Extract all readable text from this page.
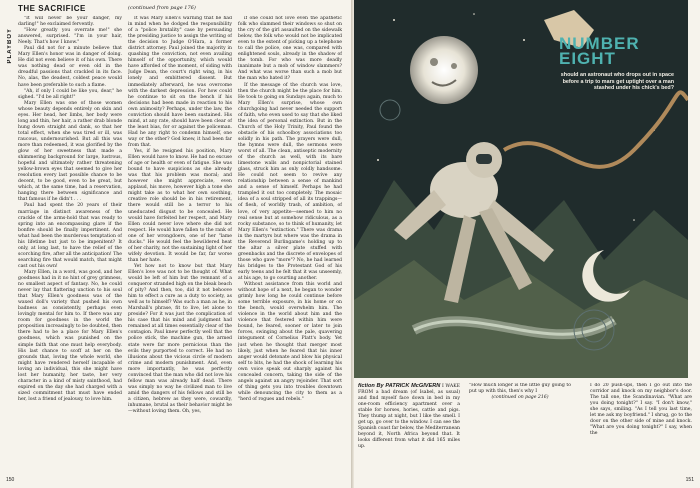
PLAYBOY
THE SACRIFICE	(continued from page 176)

"It will never be your danger, my darling!" he exclaimed fervently.

"How greatly you overrate me!" she answered, surprised. "I'm in your hair, Neely. That's how I know."

Paul did not for a minute believe that Mary Ellen's honor was in danger of doing. He did not even believe it of his own. There was nothing dead or even old in the dreadful passions that crackled in its face. No, alas, the deadest, coldest peace would have been preferable to such a flame.

"Ah, if only I could be like you, dear," he sighed. "I'd be all right!"

Mary Ellen was one of those women whose beauty depends entirely on skin and eyes. Her head, her limbs, her body were long and thin, her hair, a rather drab blonde hung down straight and dank, so that her total effect, when she was tired or ill, was raucous, undernourished. But all this was more than redeemed, it was glorified by the glow of her sweetness that made a shimmering background for large, lustrous, hopeful and ultimately rather threatening yellow-brown eyes that seemed to give her resolution every last possible chance to be decent, to be good, even to be great, but which, at the same time, had a reservation, hanging there between significance and that famous if he didn't . . .

Paul had spent the 20 years of their marriage in distinct awareness of the crackle of the arms-hold that was ready to spring into an encompassing glare if the bonfire should be finally impertinent. And what had been the murderous temptation of his lifetime but just to be impenitent? It only, at long last, to have the relief of the scorching fire, after all the anticipation! The searching fire that would match, that might cast out his own!

Mary Ellen, in a word, was good, and her goodness had in it no hint of grey grimness, no smallest aspect of fantasy. No, he could never lay that flattering unction to his soul that Mary Ellen's goodness was of the waxed doll's variety that pushed his own badness as consistently, perhaps even lovingly mental for him to. If there was any room for goodness in the world the proposition increasingly to be doubted, then there had to be a place for Mary Ellen's goodness, which was punished on the simple faith that one must help everybody. His last chance to scoff at her on the grounds that, loving the whole world, she might have rendered herself incapable of loving an individual, this she might have lost her humanity, her taste, her very character in a kind of misty sainthood, had expired on the day she had charged with a sized commitment that must have ended her, lost a friend of jealousy, to love him.

It was Mary Ellen's warning that he had in mind when he dodged the responsibility of a "police brutality" case by persuading the presiding justice to assign the writing of the decision to Judge O'Hara, a former district attorney. Paul joined the majority in quashing the conviction, not even availing himself of the opportunity, which would have afforded of the moment, of siding with Judge Dean, the court's right wing, in his lonely and embittered dissent. But immediately afterward, he was overcome with the darkest depression. For how could he continue to sit on the bench if his decisions had been made in reaction to his own animosity? Perhaps, under the law, the conviction should have been sustained. His mind, at any rate, should have been clear of the least bias, for or against the policeman. Had he any right to condemn himself, one way or the other? God knew, it had been far from that.

Yes, if he resigned his position, Mary Ellen would have to know. He had no excuse of age or health or even of fatigue. She was bound to have suspicions as she already was that his problem was moral; and however she might appreciate, even applaud, his move, however high a tone she might take as to what her own soothing, creative role should be in his retirement, there would still be a terror to his uneducated disgust to be concealed. He would have forfeited her respect, and Mary Ellen could never love where she did not respect. He would have fallen to the rank of one of her wrongdoers, one of her "lame ducks." He would feel the bewildered heat of her charity, not the sustaining light of her wifely devotion. It would be far, far worse than her hate.

Yet how not to know but that Mary Ellen's love was not to be thought of. What would be left of him but the remnant of a conqueror stranded high on the bleak beach of pity? And then, too, did it not behoove him to effect a cure as a duty to society, as well as to himself? Was such a man as he, in Marshall's phrase, fit to live, let alone to preside? For it was just the complication of his case that his mind and judgment had remained at all times essentially clear of the contagion. Paul knew perfectly well that the police stick, the machine gun, the armed state were far more pernicious than the evils they purported to correct. He had no illusions about the vicious circle of modern crime and modern punishment. And, even more importantly, he was perfectly convinced that the man who did not love his fellow man was already half dead. There was simply no way he civilized man to live amid the dangers of his fellows and still be a citizen, hebrew as they were, cowardly, inhumane, brutal as their behavior might be—without loving them. Oh, yes,

if one could not love even the apathetic folk who slammed their windows so shut on the cry of the girl assaulted on the sidewalk below, the folk who would not be implicated even to the extent of picking up a telephone to call the police, one was, compared with enlightened souls, already in the shadow of the tomb. For who was more deadly inanimate but a mob of window slammers? And what was worse than such a mob but the man who hated it?

If the message of the church was love, then the church might be the place for him. He took to going on Sundays again, much to Mary Ellen's surprise, whose own churchgoing had never needed the support of faith, who even used to say that she liked the idea of personal extinction. But in the Church of the Holy Trinity, Paul found the obstacle of his schoolboy associations too solidly in his path. The prayers were dull, the hymns were dull, the sermons were worst of all. The clean, antiseptic modernity of the church as well, with its bare limestone walls and nonpictorial stained glass, struck him as only coldly handsome. He could not seem to revive any relationship between a sense of mankind and a sense of himself. Perhaps he had trampled it out too completely. The mosaic idea of a soul stripped of all its trappings—of flesh, of worldly trash, of ambition, of love, of very appetite—seemed to him no real sense but at somehow ridiculous, as a rocky substance, so to think of humanity, let Mary Ellen's "extinction." There was drama in the martyrs but where was the drama in the Reverend Burlingame's holding up to the altar a silver plate stuffed with greenbacks and the discrete of envelopes of those who gave "more"? No, he had learned his bridges to the Protestant God of his early teens and he felt that it was unseemly, at his age, to go courting another.

Without assistance from this world and without hope of a next, he began to wonder grimly how long he could continue before some terrible exposure, in his home or on the bench, would overwhelm him. The violence in the world about him and the violence that festered within him were bound, he feared, sooner or later to join forces, swinging about the pale, quavering integument of Cornelius Platt's body. Yet just when he thought that merger most likely, just when he feared that his inner anger would detonate and blow his physical self to bits, he had the shock of learning his own voice speak out sharply against his concealed concern, taking the side of the angels against an angry rejoinder. That sort of thing gets you into troubles downtown while denouncing the city to them as a "herd of rogues and rebels."

150
NUMBER
EIGHT
should an astronaut who drops out in space before a trip to mars get uptight over a man stashed under his chick's bed?

fiction By PATRICK McGIVERN I WAKE FROM a bad dream (of Isabel, as usual) and find myself face down in bed in my one-room efficiency apartment over a stable for horses, hories, cattle and pigs. They thump at night, but I like the smell. I get up, go over to the window. I can see the Spanish coast far below, the Mediterranean beyond it, North Africa beyond that. It looks different from what it did 165 miles up.

"How much longer is the little guy going to put up with this, then's why I

(continued on page 216)

I do 20 push-ups, then I go out into the corridor and knock on my neighbor's door. The tall one, the Scandinavian. "What are you doing tonight?" I say. "I don't know," she says, smiling. "As I tell you last time, let me ask my boyfriend." I shrug, go to the door on the other side of mine and knock. "What are you doing tonight?" I say, when the

151
